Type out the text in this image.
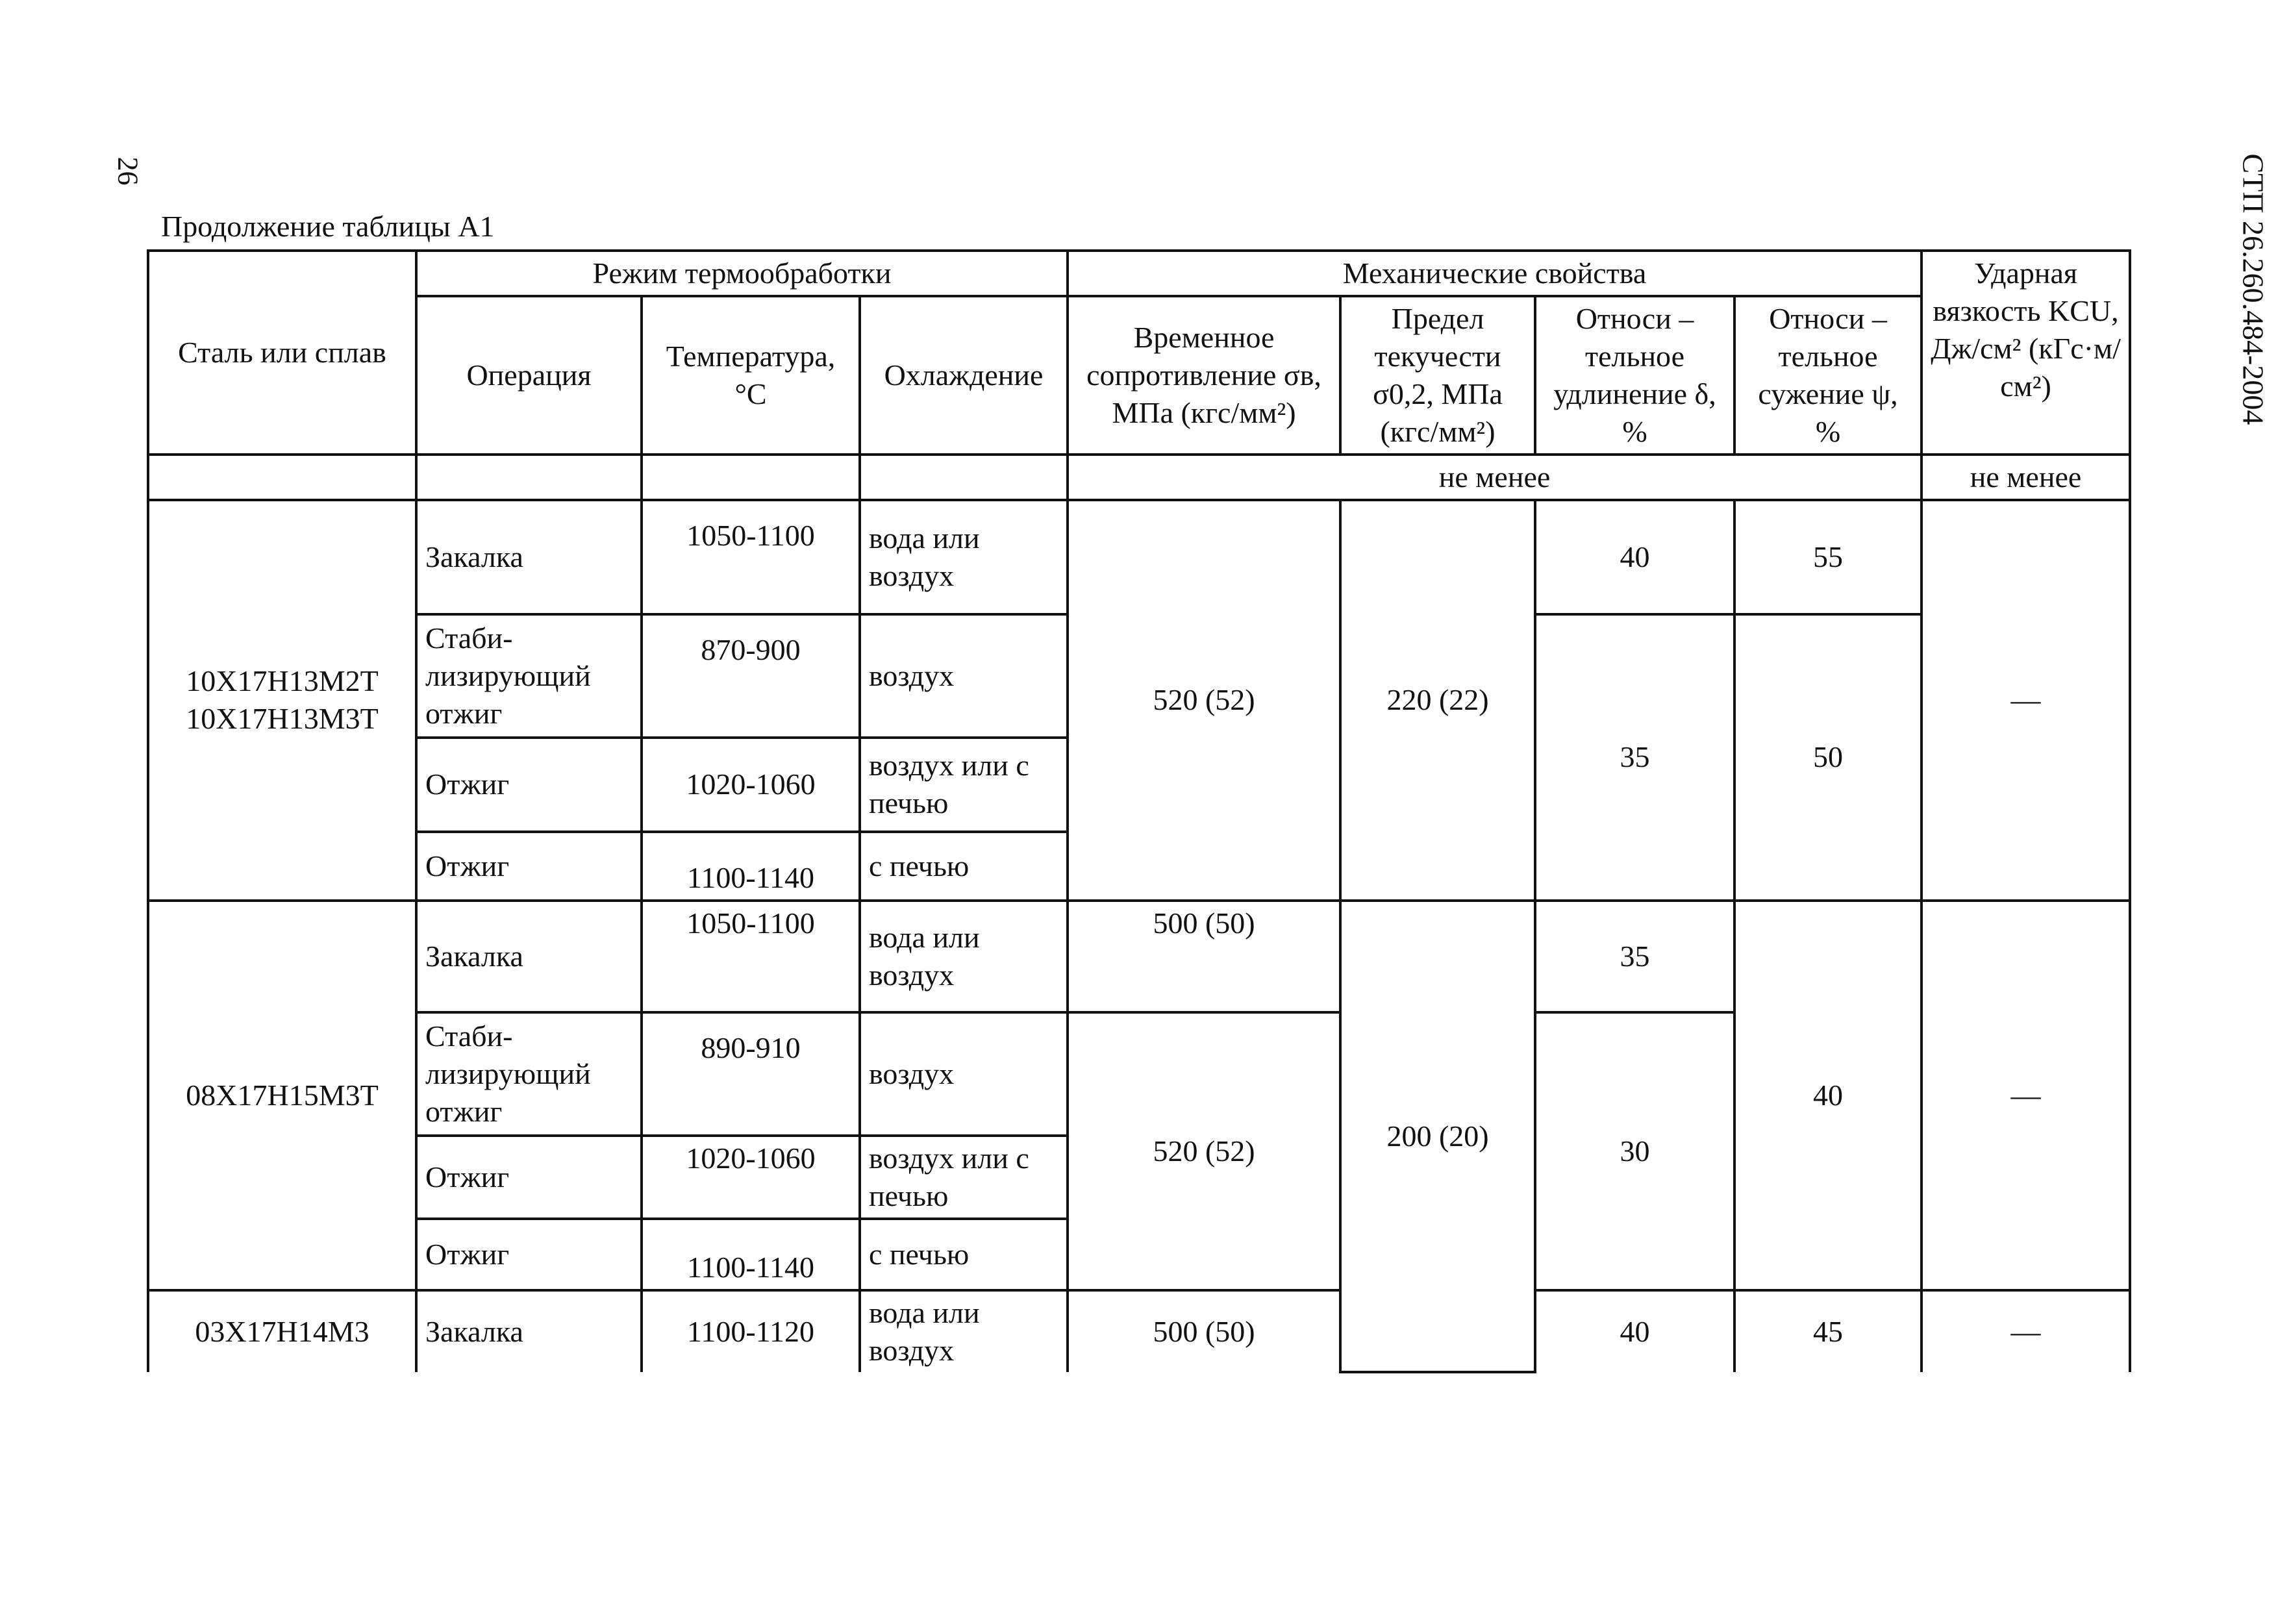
26	СТП 26.260.484-2004
Продолжение таблицы А1
Сталь или сплав	Режим термообработки			Механические свойства				Ударная вязкость KCU, Дж/см² (кГс·м/см²)
	Операция	Температура, °С	Охлаждение	Временное сопротивление σв, МПа (кгс/мм²)	Предел текучести σ0,2, МПа (кгс/мм²)	Относи – тельное удлинение δ, %	Относи – тельное сужение ψ, %	
				не менее				не менее
10Х17Н13М2Т 10Х17Н13М3Т	Закалка	1050-1100	вода или воздух	520 (52)	220 (22)	40	55	—
	Стаби-лизирующий отжиг	870-900	воздух			35	50	
	Отжиг	1020-1060	воздух или с печью					
	Отжиг	1100-1140	с печью					
08Х17Н15М3Т	Закалка	1050-1100	вода или воздух	500 (50)	200 (20)	35	40	—
	Стаби-лизирующий отжиг	890-910	воздух	520 (52)		30		
	Отжиг	1020-1060	воздух или с печью					
	Отжиг	1100-1140	с печью					
03Х17Н14М3	Закалка	1100-1120	вода или воздух	500 (50)		40	45	—
